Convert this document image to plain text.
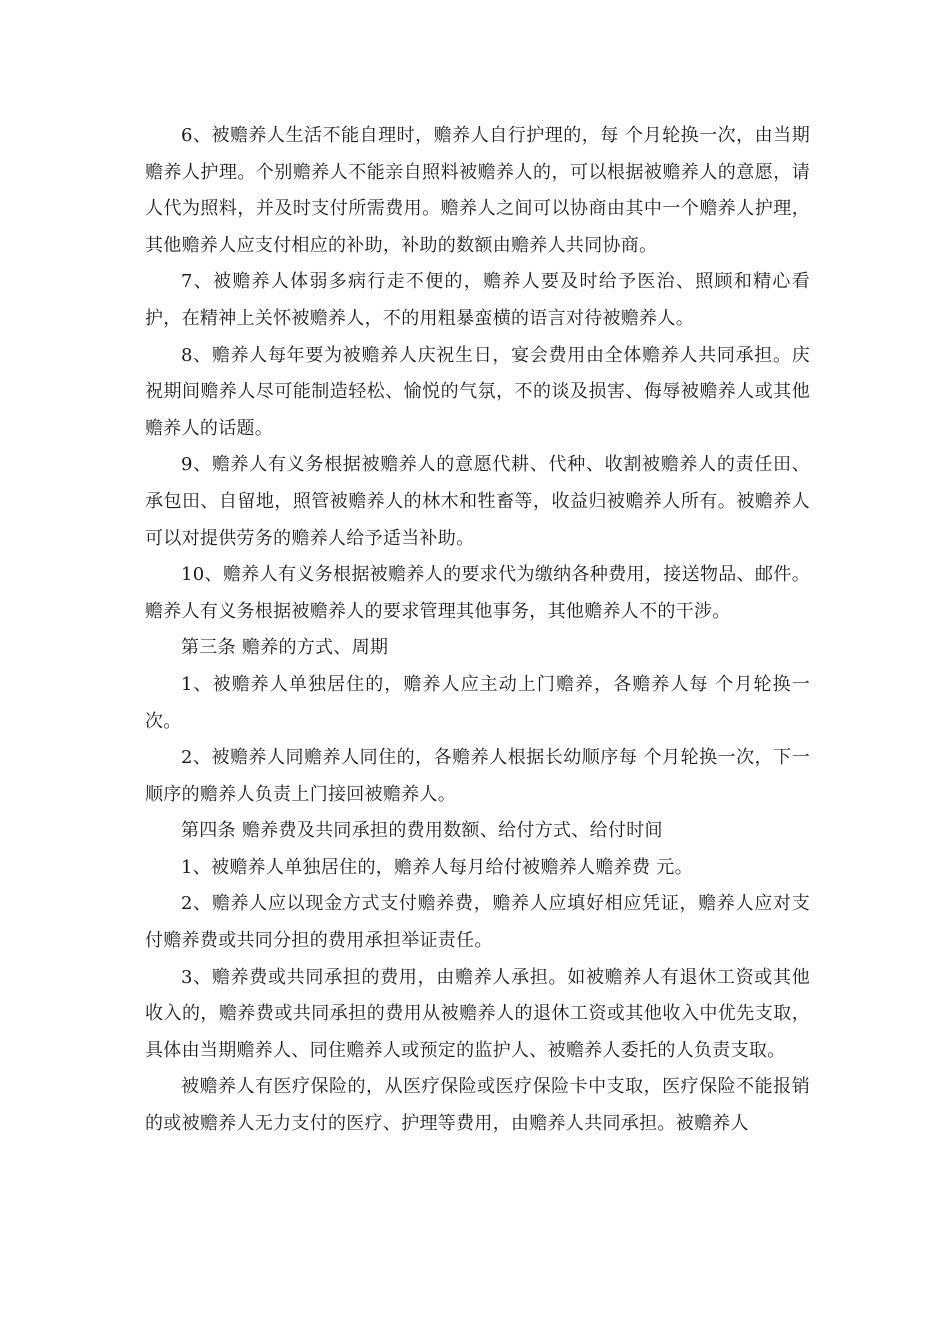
6、被赡养人生活不能自理时，赡养人自行护理的，每 个月轮换一次，由当期赡养人护理。个别赡养人不能亲自照料被赡养人的，可以根据被赡养人的意愿，请人代为照料，并及时支付所需费用。赡养人之间可以协商由其中一个赡养人护理，其他赡养人应支付相应的补助，补助的数额由赡养人共同协商。

7、被赡养人体弱多病行走不便的，赡养人要及时给予医治、照顾和精心看护，在精神上关怀被赡养人，不的用粗暴蛮横的语言对待被赡养人。

8、赡养人每年要为被赡养人庆祝生日，宴会费用由全体赡养人共同承担。庆祝期间赡养人尽可能制造轻松、愉悦的气氛，不的谈及损害、侮辱被赡养人或其他赡养人的话题。

9、赡养人有义务根据被赡养人的意愿代耕、代种、收割被赡养人的责任田、承包田、自留地，照管被赡养人的林木和牲畜等，收益归被赡养人所有。被赡养人可以对提供劳务的赡养人给予适当补助。

10、赡养人有义务根据被赡养人的要求代为缴纳各种费用，接送物品、邮件。赡养人有义务根据被赡养人的要求管理其他事务，其他赡养人不的干涉。

第三条 赡养的方式、周期

1、被赡养人单独居住的，赡养人应主动上门赡养，各赡养人每 个月轮换一次。

2、被赡养人同赡养人同住的，各赡养人根据长幼顺序每 个月轮换一次，下一顺序的赡养人负责上门接回被赡养人。

第四条 赡养费及共同承担的费用数额、给付方式、给付时间

1、被赡养人单独居住的，赡养人每月给付被赡养人赡养费 元。

2、赡养人应以现金方式支付赡养费，赡养人应填好相应凭证，赡养人应对支付赡养费或共同分担的费用承担举证责任。

3、赡养费或共同承担的费用，由赡养人承担。如被赡养人有退休工资或其他收入的，赡养费或共同承担的费用从被赡养人的退休工资或其他收入中优先支取，具体由当期赡养人、同住赡养人或预定的监护人、被赡养人委托的人负责支取。

被赡养人有医疗保险的，从医疗保险或医疗保险卡中支取，医疗保险不能报销的或被赡养人无力支付的医疗、护理等费用，由赡养人共同承担。被赡养人
